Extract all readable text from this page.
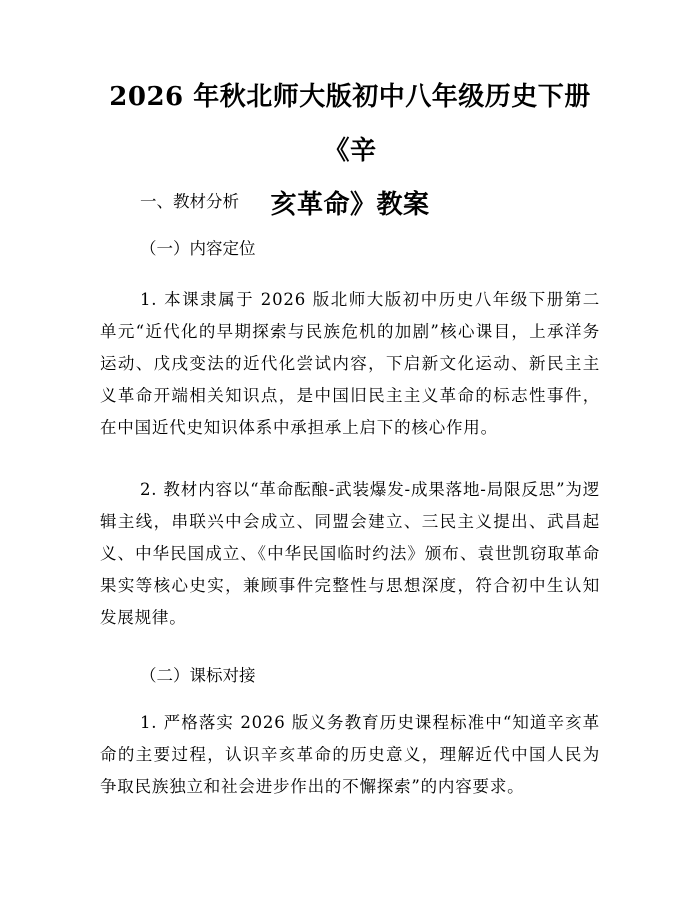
2026 年秋北师大版初中八年级历史下册《辛
亥革命》教案

一、教材分析

（一）内容定位

1. 本课隶属于 2026 版北师大版初中历史八年级下册第二单元“近代化的早期探索与民族危机的加剧”核心课目，上承洋务运动、戊戌变法的近代化尝试内容，下启新文化运动、新民主主义革命开端相关知识点，是中国旧民主主义革命的标志性事件，在中国近代史知识体系中承担承上启下的核心作用。

2. 教材内容以“革命酝酿-武装爆发-成果落地-局限反思”为逻辑主线，串联兴中会成立、同盟会建立、三民主义提出、武昌起义、中华民国成立、《中华民国临时约法》颁布、袁世凯窃取革命果实等核心史实，兼顾事件完整性与思想深度，符合初中生认知发展规律。

（二）课标对接

1. 严格落实 2026 版义务教育历史课程标准中“知道辛亥革命的主要过程，认识辛亥革命的历史意义，理解近代中国人民为争取民族独立和社会进步作出的不懈探索”的内容要求。
